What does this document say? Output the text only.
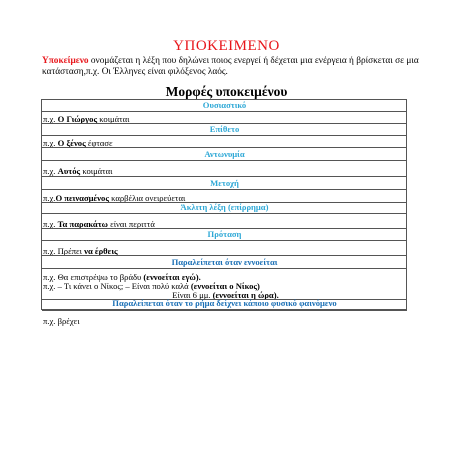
ΥΠΟΚΕΙΜΕΝΟ
Υποκείμενο ονομάζεται η λέξη που δηλώνει ποιος ενεργεί ή δέχεται μια ενέργεια ή βρίσκεται σε μια κατάσταση,π.χ. Οι Έλληνες είναι φιλόξενος λαός.
Μορφές υποκειμένου
Ουσιαστικό
π.χ. Ο Γιώργος κοιμάται
Επίθετο
π.χ. Ο ξένος έφτασε
Αντωνυμία
π.χ. Αυτός κοιμάται
Μετοχή
π.χ.Ο πεινασμένος καρβέλια ονειρεύεται
Άκλιτη λέξη (επίρρημα)
π.χ. Τα παρακάτω είναι περιττά
Πρόταση
π.χ. Πρέπει να έρθεις
Παραλείπεται όταν εννοείται
π.χ. Θα επιστρέψω το βράδυ (εννοείται εγώ).
π.χ. – Τι κάνει ο Νίκος; – Είναι πολύ καλά (εννοείται ο Νίκος)
Είναι 6 μμ. (εννοείται η ώρα).
Παραλείπεται όταν το ρήμα δείχνει κάποιο φυσικό φαινόμενο
π.χ. βρέχει
